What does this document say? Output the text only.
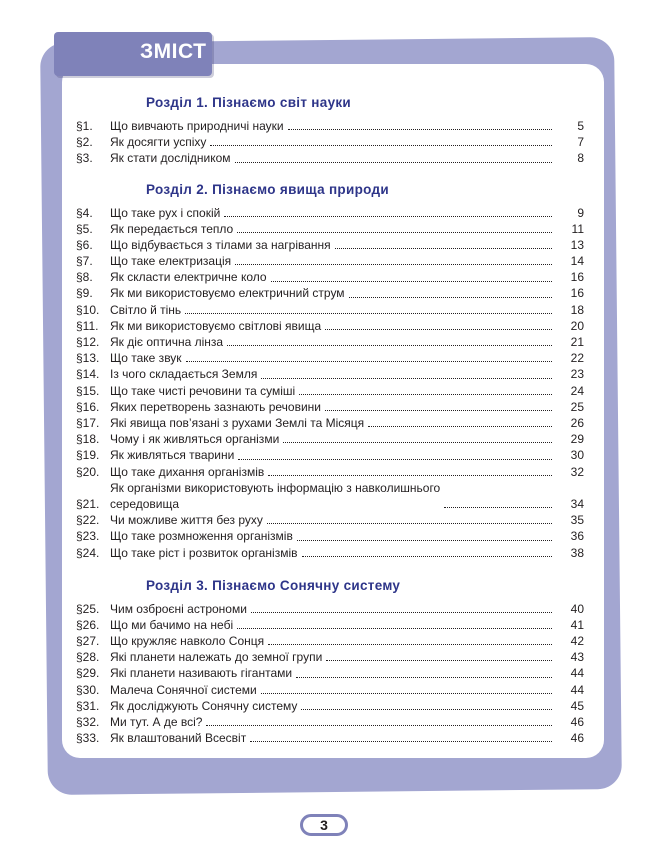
ЗМІСТ
Розділ 1. Пізнаємо світ науки
§1.	Що вивчають природничі науки	5
§2.	Як досягти успіху	7
§3.	Як стати дослідником	8
Розділ 2. Пізнаємо явища природи
§4.	Що таке рух і спокій	9
§5.	Як передається тепло	11
§6.	Що відбувається з тілами за нагрівання	13
§7.	Що таке електризація	14
§8.	Як скласти електричне коло	16
§9.	Як ми використовуємо електричний струм	16
§10. Світло й тінь	18
§11. Як ми використовуємо світлові явища	20
§12. Як діє оптична лінза	21
§13. Що таке звук	22
§14. Із чого складається Земля	23
§15. Що таке чисті речовини та суміші	24
§16. Яких перетворень зазнають речовини	25
§17. Які явища пов’язані з рухами Землі та Місяця	26
§18. Чому і як живляться організми	29
§19. Як живляться тварини	30
§20. Що таке дихання організмів	32
§21.
Як організми використовують інформацію з навколишнього
середовища	34
§22. Чи можливе життя без руху	35
§23. Що таке розмноження організмів	36
§24. Що таке ріст і розвиток організмів	38
Розділ 3. Пізнаємо Сонячну систему
§25. Чим озброєні астрономи	40
§26. Що ми бачимо на небі	41
§27. Що кружляє навколо Сонця	42
§28. Які планети належать до земної групи	43
§29. Які планети називають гігантами	44
§30. Малеча Сонячної системи	44
§31. Як досліджують Сонячну систему	45
§32. Ми тут. А де всі?	46
§33. Як влаштований Всесвіт	46
3
